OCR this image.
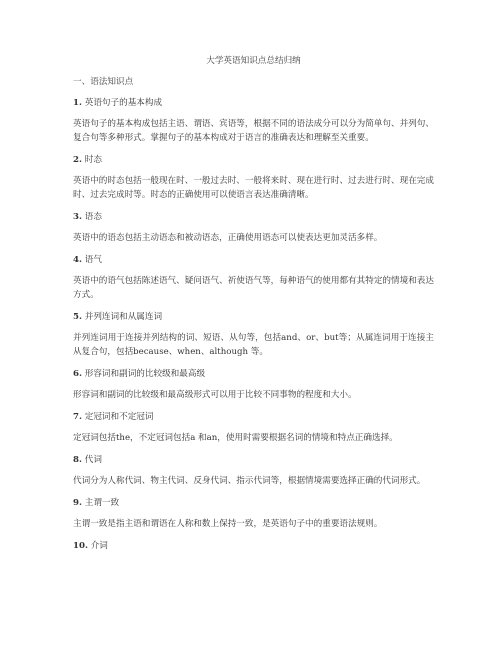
大学英语知识点总结归纳
一、语法知识点
1. 英语句子的基本构成
英语句子的基本构成包括主语、谓语、宾语等，根据不同的语法成分可以分为简单句、并列句、复合句等多种形式。掌握句子的基本构成对于语言的准确表达和理解至关重要。
2. 时态
英语中的时态包括一般现在时、一般过去时、一般将来时、现在进行时、过去进行时、现在完成时、过去完成时等。时态的正确使用可以使语言表达准确清晰。
3. 语态
英语中的语态包括主动语态和被动语态，正确使用语态可以使表达更加灵活多样。
4. 语气
英语中的语气包括陈述语气、疑问语气、祈使语气等，每种语气的使用都有其特定的情境和表达方式。
5. 并列连词和从属连词
并列连词用于连接并列结构的词、短语、从句等，包括and、or、but等；从属连词用于连接主从复合句，包括because、when、although 等。
6. 形容词和副词的比较级和最高级
形容词和副词的比较级和最高级形式可以用于比较不同事物的程度和大小。
7. 定冠词和不定冠词
定冠词包括the，不定冠词包括a 和an，使用时需要根据名词的情境和特点正确选择。
8. 代词
代词分为人称代词、物主代词、反身代词、指示代词等，根据情境需要选择正确的代词形式。
9. 主谓一致
主谓一致是指主语和谓语在人称和数上保持一致，是英语句子中的重要语法规则。
10. 介词
